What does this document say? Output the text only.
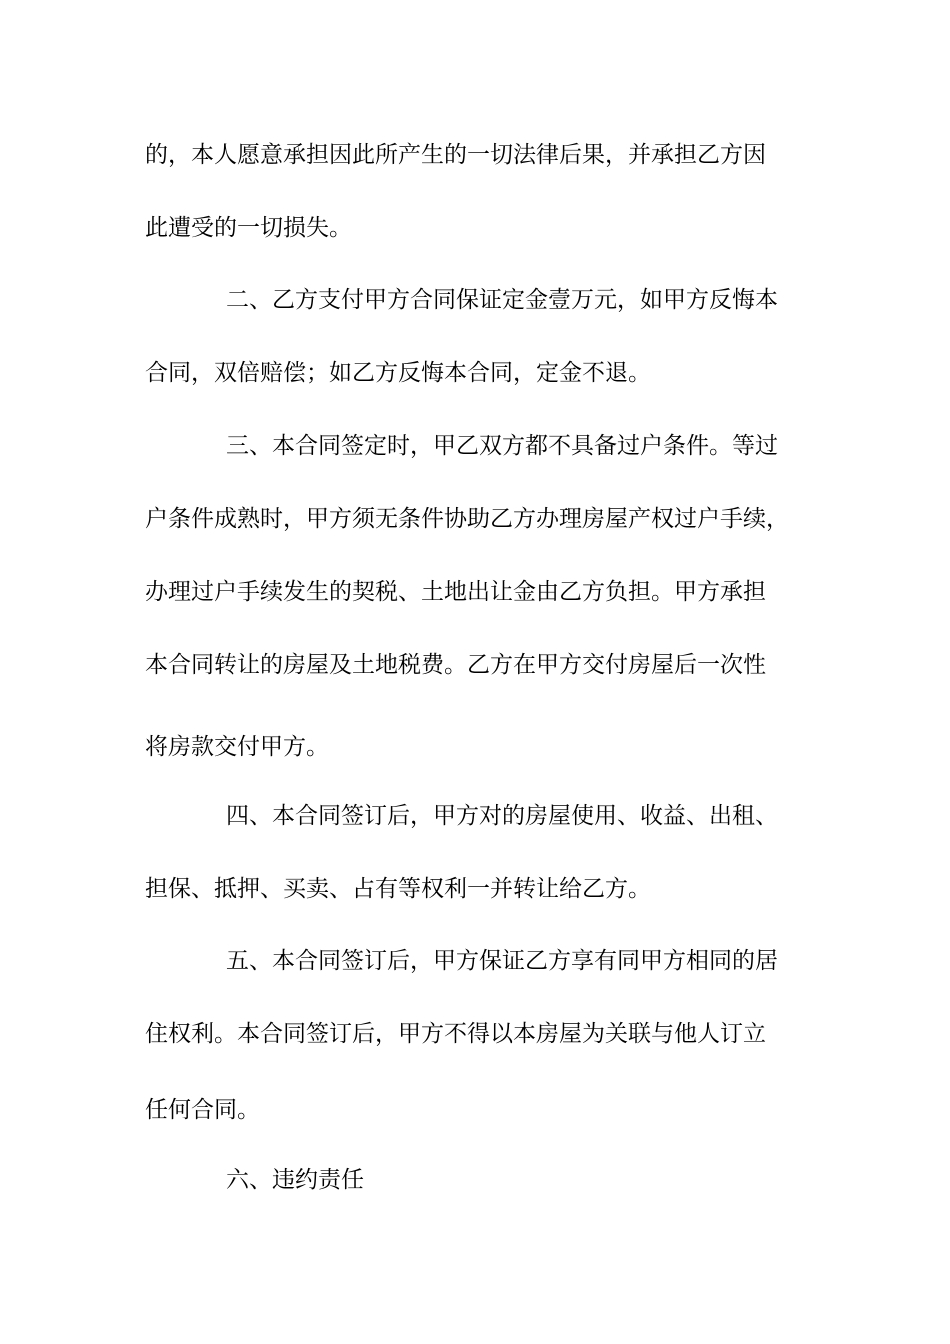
的，本人愿意承担因此所产生的一切法律后果，并承担乙方因
此遭受的一切损失。
二、乙方支付甲方合同保证定金壹万元，如甲方反悔本
合同，双倍赔偿；如乙方反悔本合同，定金不退。
三、本合同签定时，甲乙双方都不具备过户条件。等过
户条件成熟时，甲方须无条件协助乙方办理房屋产权过户手续，
办理过户手续发生的契税、土地出让金由乙方负担。甲方承担
本合同转让的房屋及土地税费。乙方在甲方交付房屋后一次性
将房款交付甲方。
四、本合同签订后，甲方对的房屋使用、收益、出租、
担保、抵押、买卖、占有等权利一并转让给乙方。
五、本合同签订后，甲方保证乙方享有同甲方相同的居
住权利。本合同签订后，甲方不得以本房屋为关联与他人订立
任何合同。
六、违约责任
